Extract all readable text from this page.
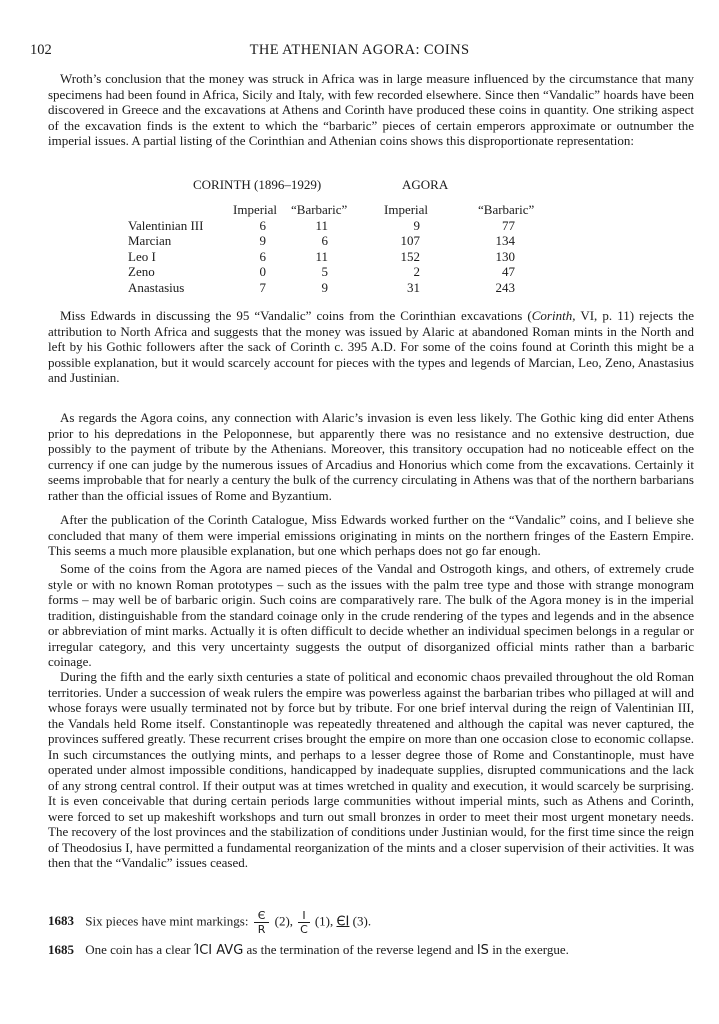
102	THE ATHENIAN AGORA: COINS

Wroth’s conclusion that the money was struck in Africa was in large measure influenced by the circumstance that many specimens had been found in Africa, Sicily and Italy, with few recorded elsewhere. Since then “Vandalic” hoards have been discovered in Greece and the excavations at Athens and Corinth have produced these coins in quantity. One striking aspect of the excavation finds is the extent to which the “barbaric” pieces of certain emperors approximate or outnumber the imperial issues. A partial listing of the Corinthian and Athenian coins shows this disproportionate representation:

CORINTH (1896–1929)	AGORA
Imperial “Barbaric”	Imperial	“Barbaric”
Valentinian III	6	11	9	77
Marcian	9	6	107	134
Leo I	6	11	152	130
Zeno	0	5	2	47
Anastasius	7	9	31	243

Miss Edwards in discussing the 95 “Vandalic” coins from the Corinthian excavations (Corinth, VI, p. 11) rejects the attribution to North Africa and suggests that the money was issued by Alaric at abandoned Roman mints in the North and left by his Gothic followers after the sack of Corinth c. 395 A.D. For some of the coins found at Corinth this might be a possible explanation, but it would scarcely account for pieces with the types and legends of Marcian, Leo, Zeno, Anastasius and Justinian.

As regards the Agora coins, any connection with Alaric’s invasion is even less likely. The Gothic king did enter Athens prior to his depredations in the Peloponnese, but apparently there was no resistance and no extensive destruction, due possibly to the payment of tribute by the Athenians. Moreover, this transitory occupation had no noticeable effect on the currency if one can judge by the numerous issues of Arcadius and Honorius which come from the excavations. Certainly it seems improbable that for nearly a century the bulk of the currency circulating in Athens was that of the northern barbarians rather than the official issues of Rome and Byzantium.

After the publication of the Corinth Catalogue, Miss Edwards worked further on the “Vandalic” coins, and I believe she concluded that many of them were imperial emissions originating in mints on the northern fringes of the Eastern Empire. This seems a much more plausible explanation, but one which perhaps does not go far enough.

Some of the coins from the Agora are named pieces of the Vandal and Ostrogoth kings, and others, of extremely crude style or with no known Roman prototypes – such as the issues with the palm tree type and those with strange monogram forms – may well be of barbaric origin. Such coins are comparatively rare. The bulk of the Agora money is in the imperial tradition, distinguishable from the standard coinage only in the crude rendering of the types and legends and in the absence or abbreviation of mint marks. Actually it is often difficult to decide whether an individual specimen belongs in a regular or irregular category, and this very uncertainty suggests the output of disorganized official mints rather than a barbaric coinage.

During the fifth and the early sixth centuries a state of political and economic chaos prevailed throughout the old Roman territories. Under a succession of weak rulers the empire was powerless against the barbarian tribes who pillaged at will and whose forays were usually terminated not by force but by tribute. For one brief interval during the reign of Valentinian III, the Vandals held Rome itself. Constantinople was repeatedly threatened and although the capital was never captured, the provinces suffered greatly. These recurrent crises brought the empire on more than one occasion close to economic collapse. In such circumstances the outlying mints, and perhaps to a lesser degree those of Rome and Constantinople, must have operated under almost impossible conditions, handicapped by inadequate supplies, disrupted communications and the lack of any strong central control. If their output was at times wretched in quality and execution, it would scarcely be surprising. It is even conceivable that during certain periods large communities without imperial mints, such as Athens and Corinth, were forced to set up makeshift workshops and turn out small bronzes in order to meet their most urgent monetary needs. The recovery of the lost provinces and the stabilization of conditions under Justinian would, for the first time since the reign of Theodosius I, have permitted a fundamental reorganization of the mints and a closer supervision of their activities. It was then that the “Vandalic” issues ceased.

1683 Six pieces have mint markings: $\frac{Є}{R} (2)$, $\frac{I}{C} (1)$, ЄΙ (3).
1685 One coin has a clear ΊCI AVG as the termination of the reverse legend and ΙS in the exergue.
